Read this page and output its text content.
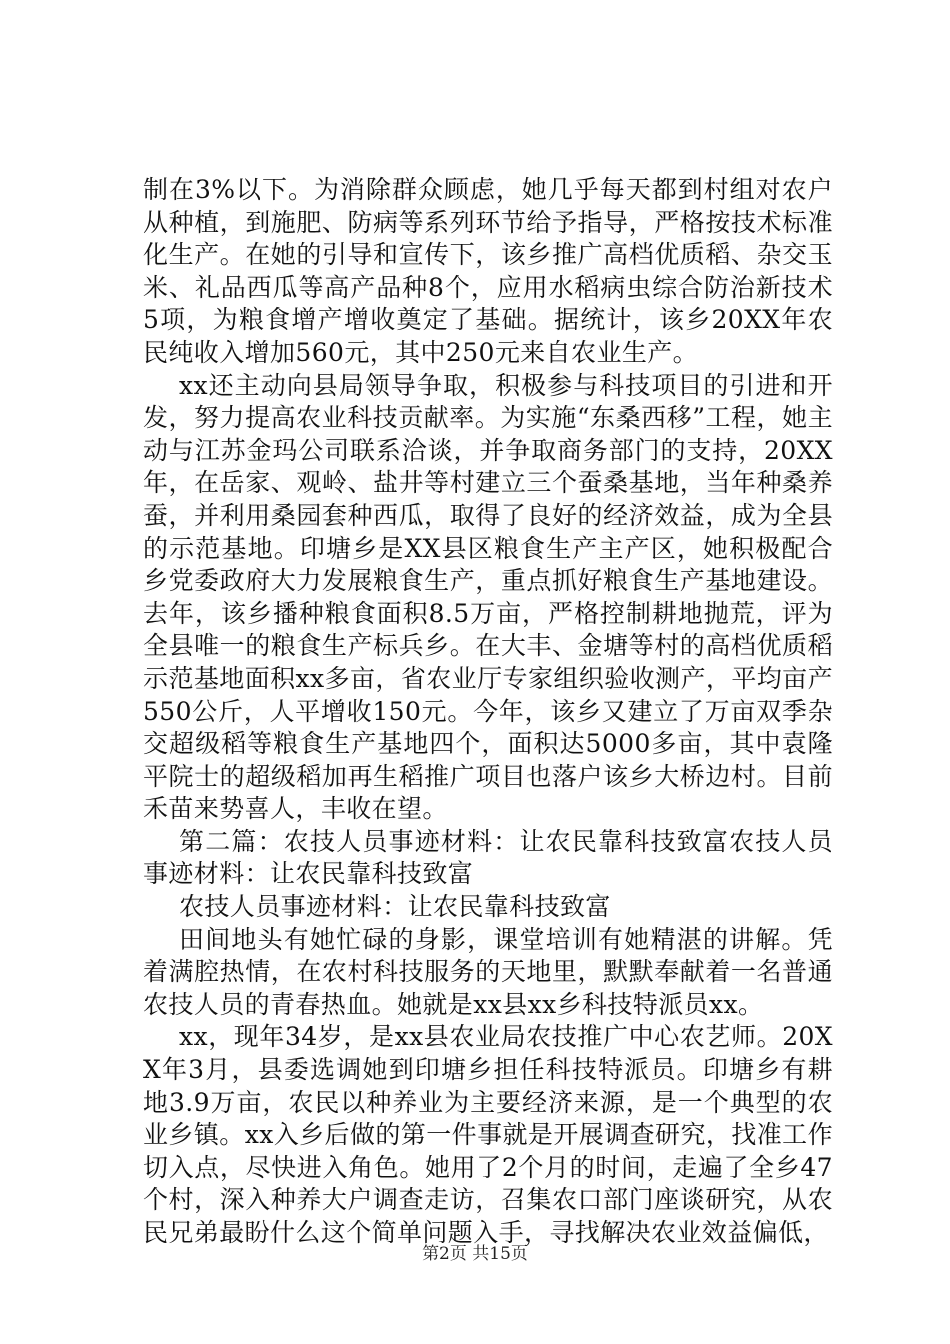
制在3%以下。为消除群众顾虑，她几乎每天都到村组对农户从种植，到施肥、防病等系列环节给予指导，严格按技术标准化生产。在她的引导和宣传下，该乡推广高档优质稻、杂交玉米、礼品西瓜等高产品种8个，应用水稻病虫综合防治新技术5项，为粮食增产增收奠定了基础。据统计，该乡20XX年农民纯收入增加560元，其中250元来自农业生产。

xx还主动向县局领导争取，积极参与科技项目的引进和开发，努力提高农业科技贡献率。为实施“东桑西移”工程，她主动与江苏金玛公司联系洽谈，并争取商务部门的支持，20XX年，在岳家、观岭、盐井等村建立三个蚕桑基地，当年种桑养蚕，并利用桑园套种西瓜，取得了良好的经济效益，成为全县的示范基地。印塘乡是XX县区粮食生产主产区，她积极配合乡党委政府大力发展粮食生产，重点抓好粮食生产基地建设。去年，该乡播种粮食面积8.5万亩，严格控制耕地抛荒，评为全县唯一的粮食生产标兵乡。在大丰、金塘等村的高档优质稻示范基地面积xx多亩，省农业厅专家组织验收测产，平均亩产550公斤，人平增收150元。今年，该乡又建立了万亩双季杂交超级稻等粮食生产基地四个，面积达5000多亩，其中袁隆平院士的超级稻加再生稻推广项目也落户该乡大桥边村。目前禾苗来势喜人，丰收在望。

第二篇：农技人员事迹材料：让农民靠科技致富农技人员事迹材料：让农民靠科技致富

农技人员事迹材料：让农民靠科技致富

田间地头有她忙碌的身影，课堂培训有她精湛的讲解。凭着满腔热情，在农村科技服务的天地里，默默奉献着一名普通农技人员的青春热血。她就是xx县xx乡科技特派员xx。

xx，现年34岁，是xx县农业局农技推广中心农艺师。20XX年3月，县委选调她到印塘乡担任科技特派员。印塘乡有耕地3.9万亩，农民以种养业为主要经济来源，是一个典型的农业乡镇。xx入乡后做的第一件事就是开展调查研究，找准工作切入点，尽快进入角色。她用了2个月的时间，走遍了全乡47个村，深入种养大户调查走访，召集农口部门座谈研究，从农民兄弟最盼什么这个简单问题入手，寻找解决农业效益偏低，

第2页 共15页
